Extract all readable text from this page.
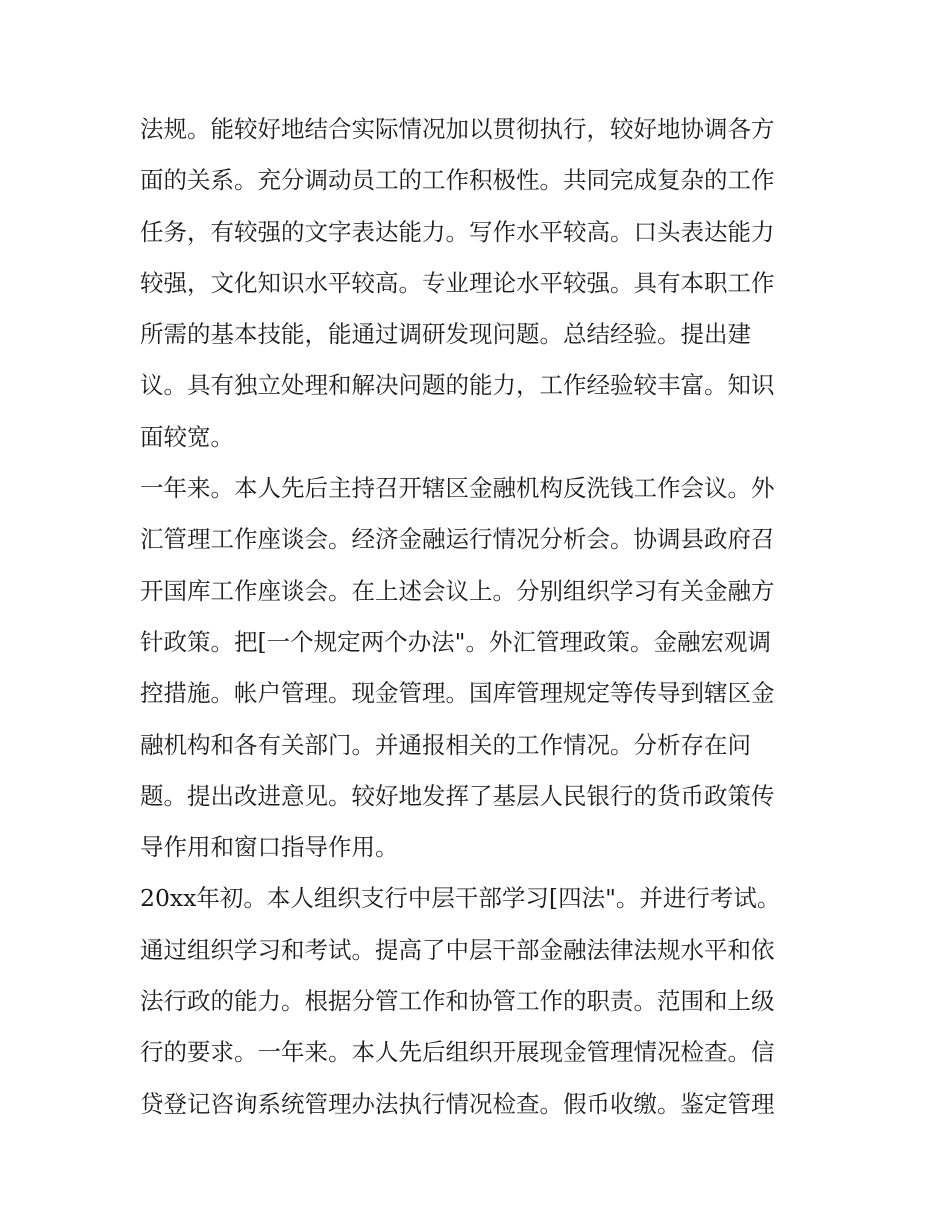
法规。能较好地结合实际情况加以贯彻执行，较好地协调各方
面的关系。充分调动员工的工作积极性。共同完成复杂的工作
任务，有较强的文字表达能力。写作水平较高。口头表达能力
较强，文化知识水平较高。专业理论水平较强。具有本职工作
所需的基本技能，能通过调研发现问题。总结经验。提出建
议。具有独立处理和解决问题的能力，工作经验较丰富。知识
面较宽。
一年来。本人先后主持召开辖区金融机构反洗钱工作会议。外
汇管理工作座谈会。经济金融运行情况分析会。协调县政府召
开国库工作座谈会。在上述会议上。分别组织学习有关金融方
针政策。把[一个规定两个办法"。外汇管理政策。金融宏观调
控措施。帐户管理。现金管理。国库管理规定等传导到辖区金
融机构和各有关部门。并通报相关的工作情况。分析存在问
题。提出改进意见。较好地发挥了基层人民银行的货币政策传
导作用和窗口指导作用。
20xx年初。本人组织支行中层干部学习[四法"。并进行考试。
通过组织学习和考试。提高了中层干部金融法律法规水平和依
法行政的能力。根据分管工作和协管工作的职责。范围和上级
行的要求。一年来。本人先后组织开展现金管理情况检查。信
贷登记咨询系统管理办法执行情况检查。假币收缴。鉴定管理
